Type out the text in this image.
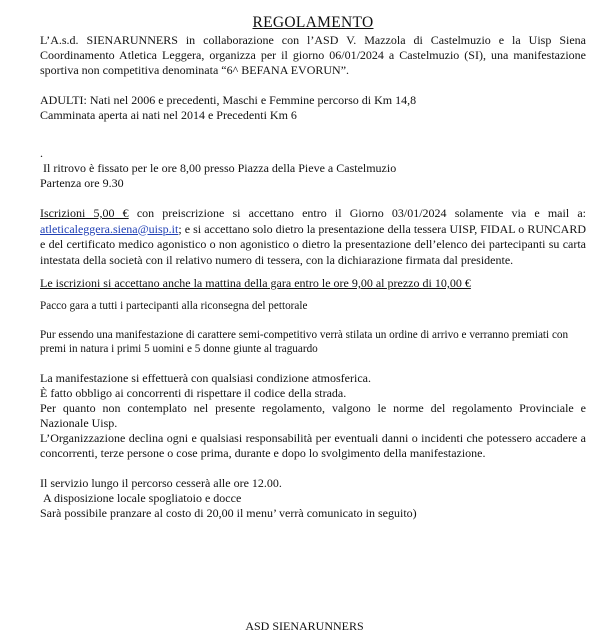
REGOLAMENTO

L’A.s.d. SIENARUNNERS in collaborazione con l’ASD V. Mazzola di Castelmuzio e la Uisp Siena Coordinamento Atletica Leggera, organizza per il giorno 06/01/2024 a Castelmuzio (SI), una manifestazione sportiva non competitiva denominata “6^ BEFANA EVORUN”.

ADULTI: Nati nel 2006 e precedenti, Maschi e Femmine percorso di Km 14,8

Camminata aperta ai nati nel 2014 e Precedenti Km 6

.

Il ritrovo è fissato per le ore 8,00 presso Piazza della Pieve a Castelmuzio

Partenza ore 9.30

Iscrizioni 5,00 € con preiscrizione si accettano entro il Giorno 03/01/2024 solamente via e mail a: atleticaleggera.siena@uisp.it; e si accettano solo dietro la presentazione della tessera UISP, FIDAL o RUNCARD e del certificato medico agonistico o non agonistico o dietro la presentazione dell’elenco dei partecipanti su carta intestata della società con il relativo numero di tessera, con la dichiarazione firmata dal presidente.

Le iscrizioni si accettano anche la mattina della gara entro le ore 9,00 al prezzo di 10,00 €

Pacco gara a tutti i partecipanti alla riconsegna del pettorale

Pur essendo una manifestazione di carattere semi-competitivo verrà stilata un ordine di arrivo e verranno premiati con premi in natura i primi 5 uomini e 5 donne giunte al traguardo

La manifestazione si effettuerà con qualsiasi condizione atmosferica.

È fatto obbligo ai concorrenti di rispettare il codice della strada.

Per quanto non contemplato nel presente regolamento, valgono le norme del regolamento Provinciale e Nazionale Uisp.

L’Organizzazione declina ogni e qualsiasi responsabilità per eventuali danni o incidenti che potessero accadere a concorrenti, terze persone o cose prima, durante e dopo lo svolgimento della manifestazione.

Il servizio lungo il percorso cesserà alle ore 12.00.

A disposizione locale spogliatoio e docce

Sarà possibile pranzare al costo di 20,00 il menu’ verrà comunicato in seguito)

ASD SIENARUNNERS
